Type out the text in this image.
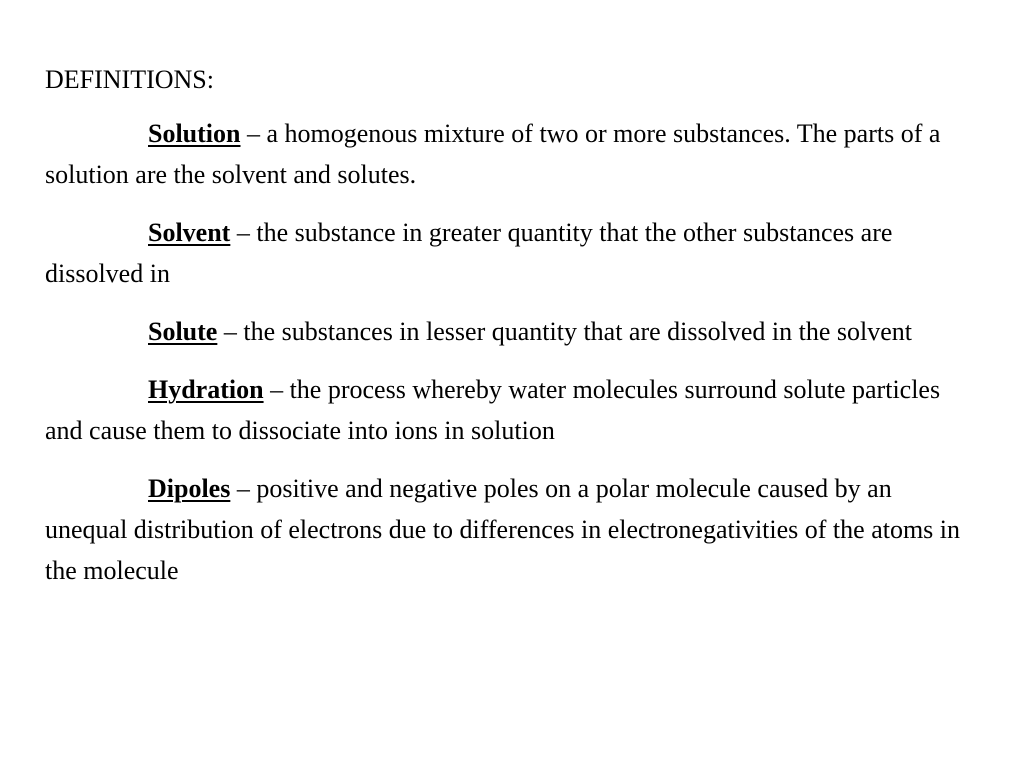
DEFINITIONS:
Solution – a homogenous mixture of two or more substances. The parts of a solution are the solvent and solutes.
Solvent – the substance in greater quantity that the other substances are dissolved in
Solute – the substances in lesser quantity that are dissolved in the solvent
Hydration – the process whereby water molecules surround solute particles and cause them to dissociate into ions in solution
Dipoles – positive and negative poles on a polar molecule caused by an unequal distribution of electrons due to differences in electronegativities of the atoms in the molecule
